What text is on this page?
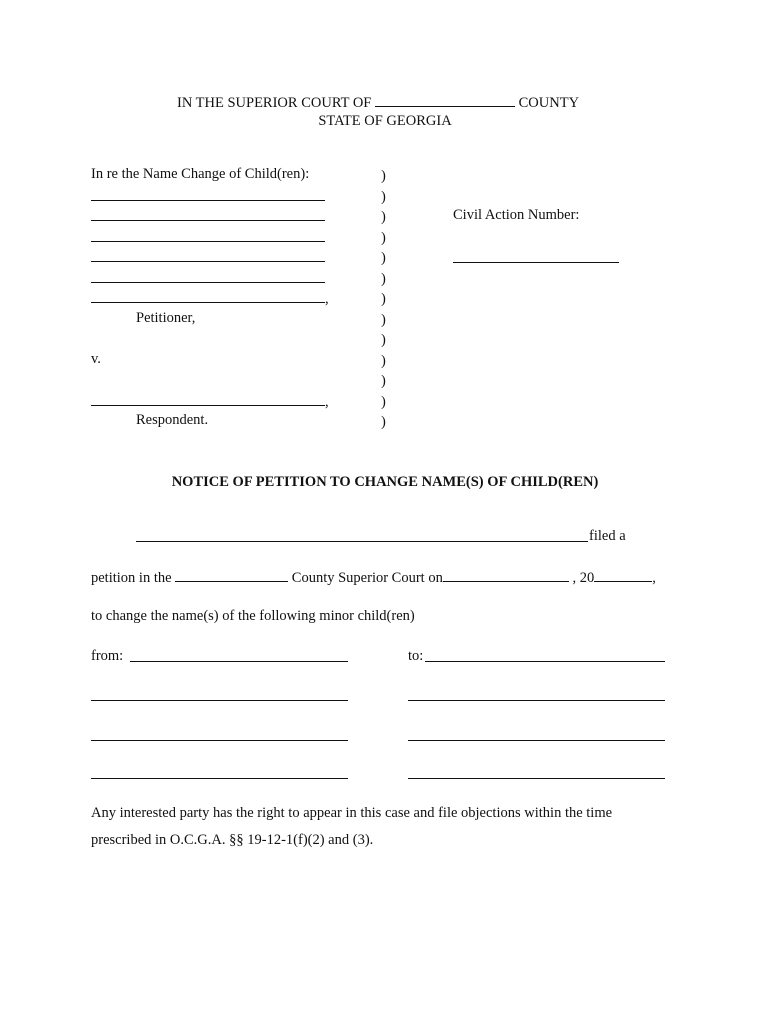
IN THE SUPERIOR COURT OF	COUNTY
STATE OF GEORGIA
In re the Name Change of Child(ren):
,
Petitioner,
v.
,
Respondent.
)
)
)
)
)
)
)
)
)
)
)
)
)
Civil Action Number:
NOTICE OF PETITION TO CHANGE NAME(S) OF CHILD(REN)
filed a
petition in the	County Superior Court on	, 20	,
to change the name(s) of the following minor child(ren)
from:	to:
Any interested party has the right to appear in this case and file objections within the time
prescribed in O.C.G.A. §§ 19-12-1(f)(2) and (3).
